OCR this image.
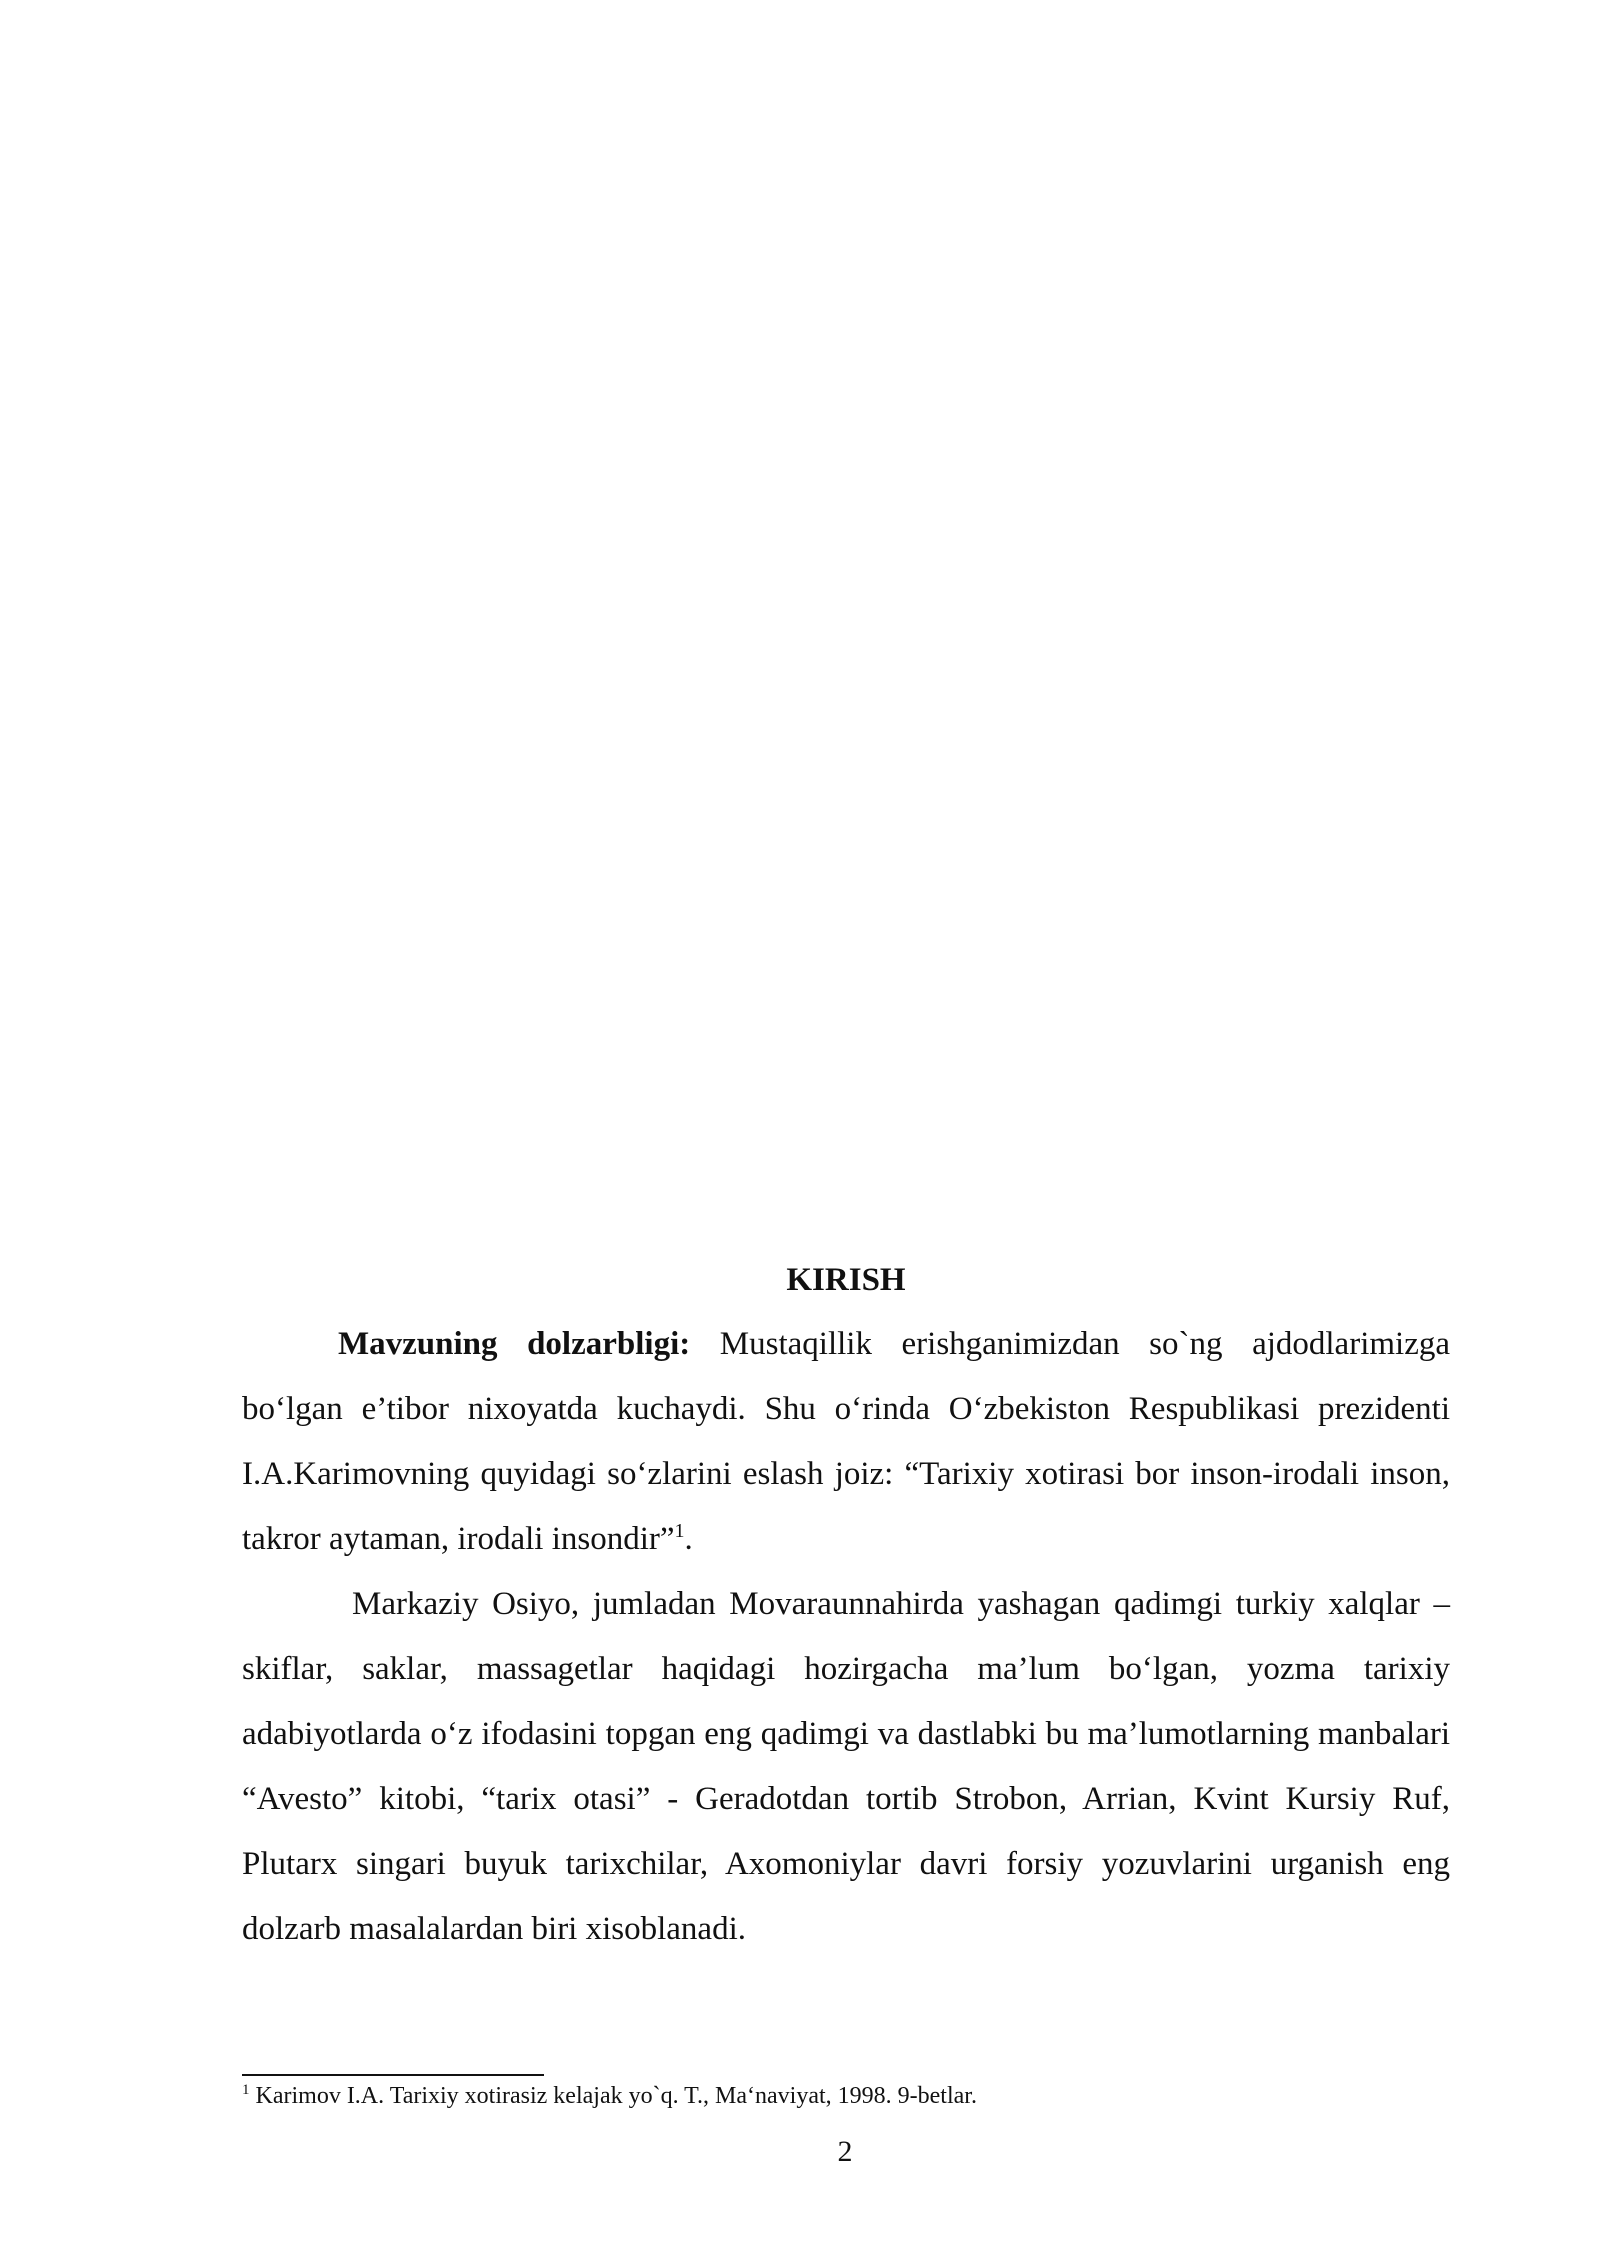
KIRISH

Mavzuning dolzarbligi: Mustaqillik erishganimizdan so`ng ajdodlarimizga bo‘lgan e’tibor nixoyatda kuchaydi. Shu o‘rinda O‘zbekiston Respublikasi prezidenti I.A.Karimovning quyidagi so‘zlarini eslash joiz: “Tarixiy xotirasi bor inson-irodali inson, takror aytaman, irodali insondir”$^1$.

Markaziy Osiyo, jumladan Movaraunnahirda yashagan qadimgi turkiy xalqlar – skiflar, saklar, massagetlar haqidagi hozirgacha ma’lum bo‘lgan, yozma tarixiy adabiyotlarda o‘z ifodasini topgan eng qadimgi va dastlabki bu ma’lumotlarning manbalari “Avesto” kitobi, “tarix otasi” - Geradotdan tortib Strobon, Arrian, Kvint Kursiy Ruf, Plutarx singari buyuk tarixchilar, Axomoniylar davri forsiy yozuvlarini urganish eng dolzarb masalalardan biri xisoblanadi.

$^1$ Karimov I.A. Tarixiy xotirasiz kelajak yo`q. T., Ma‘naviyat, 1998. 9-betlar.
2
